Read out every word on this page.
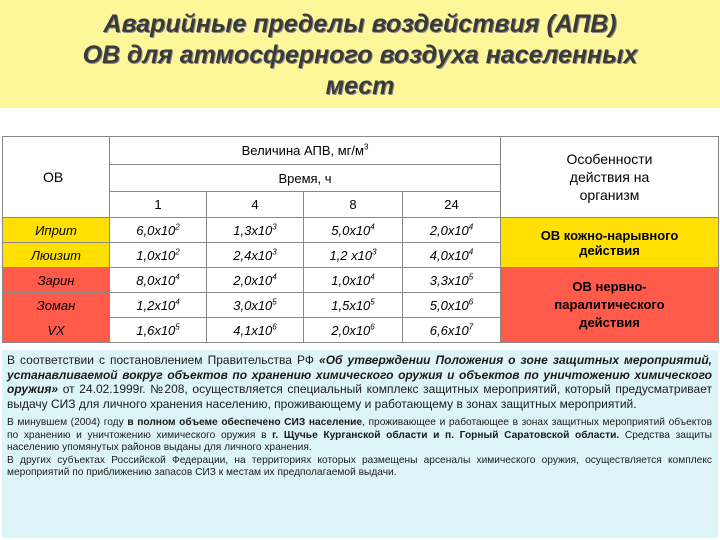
Аварийные пределы воздействия (АПВ)
ОВ для атмосферного воздуха населенных
мест
ОВ	Величина АПВ, $мг/м^3$				Особенности действия на организм
	Время, ч				
	1	4	8	24	
Иприт	$6,0x10^2$	$1,3x10^3$	$5,0x10^4$	$2,0x10^4$	ОВ кожно-нарывного действия
Люизит	$1,0x10^2$	$2,4x10^3$	1,2 $x10^3$	$4,0x10^4$
Зарин	$8,0x10^4$	$2,0x10^4$	$1,0x10^4$	$3,3x10^5$	ОВ нервно-паралитического действия
Зоман	$1,2x10^4$	$3,0x10^5$	$1,5x10^5$	$5,0x10^6$
VX	$1,6x10^5$	$4,1x10^6$	$2,0x10^6$	$6,6x10^7$

В соответствии с постановлением Правительства РФ «Об утверждении Положения о зоне защитных мероприятий, устанавливаемой вокруг объектов по хранению химического оружия и объектов по уничтожению химического оружия» от 24.02.1999г. №208, осуществляется специальный комплекс защитных мероприятий, который предусматривает выдачу СИЗ для личного хранения населению, проживающему и работающему в зонах защитных мероприятий.

В минувшем (2004) году в полном объеме обеспечено СИЗ население, проживающее и работающее в зонах защитных мероприятий объектов по хранению и уничтожению химического оружия в г. Щучье Курганской области и п. Горный Саратовской области. Средства защиты населению упомянутых районов выданы для личного хранения.

В других субъектах Российской Федерации, на территориях которых размещены арсеналы химического оружия, осуществляется комплекс мероприятий по приближению запасов СИЗ к местам их предполагаемой выдачи.
